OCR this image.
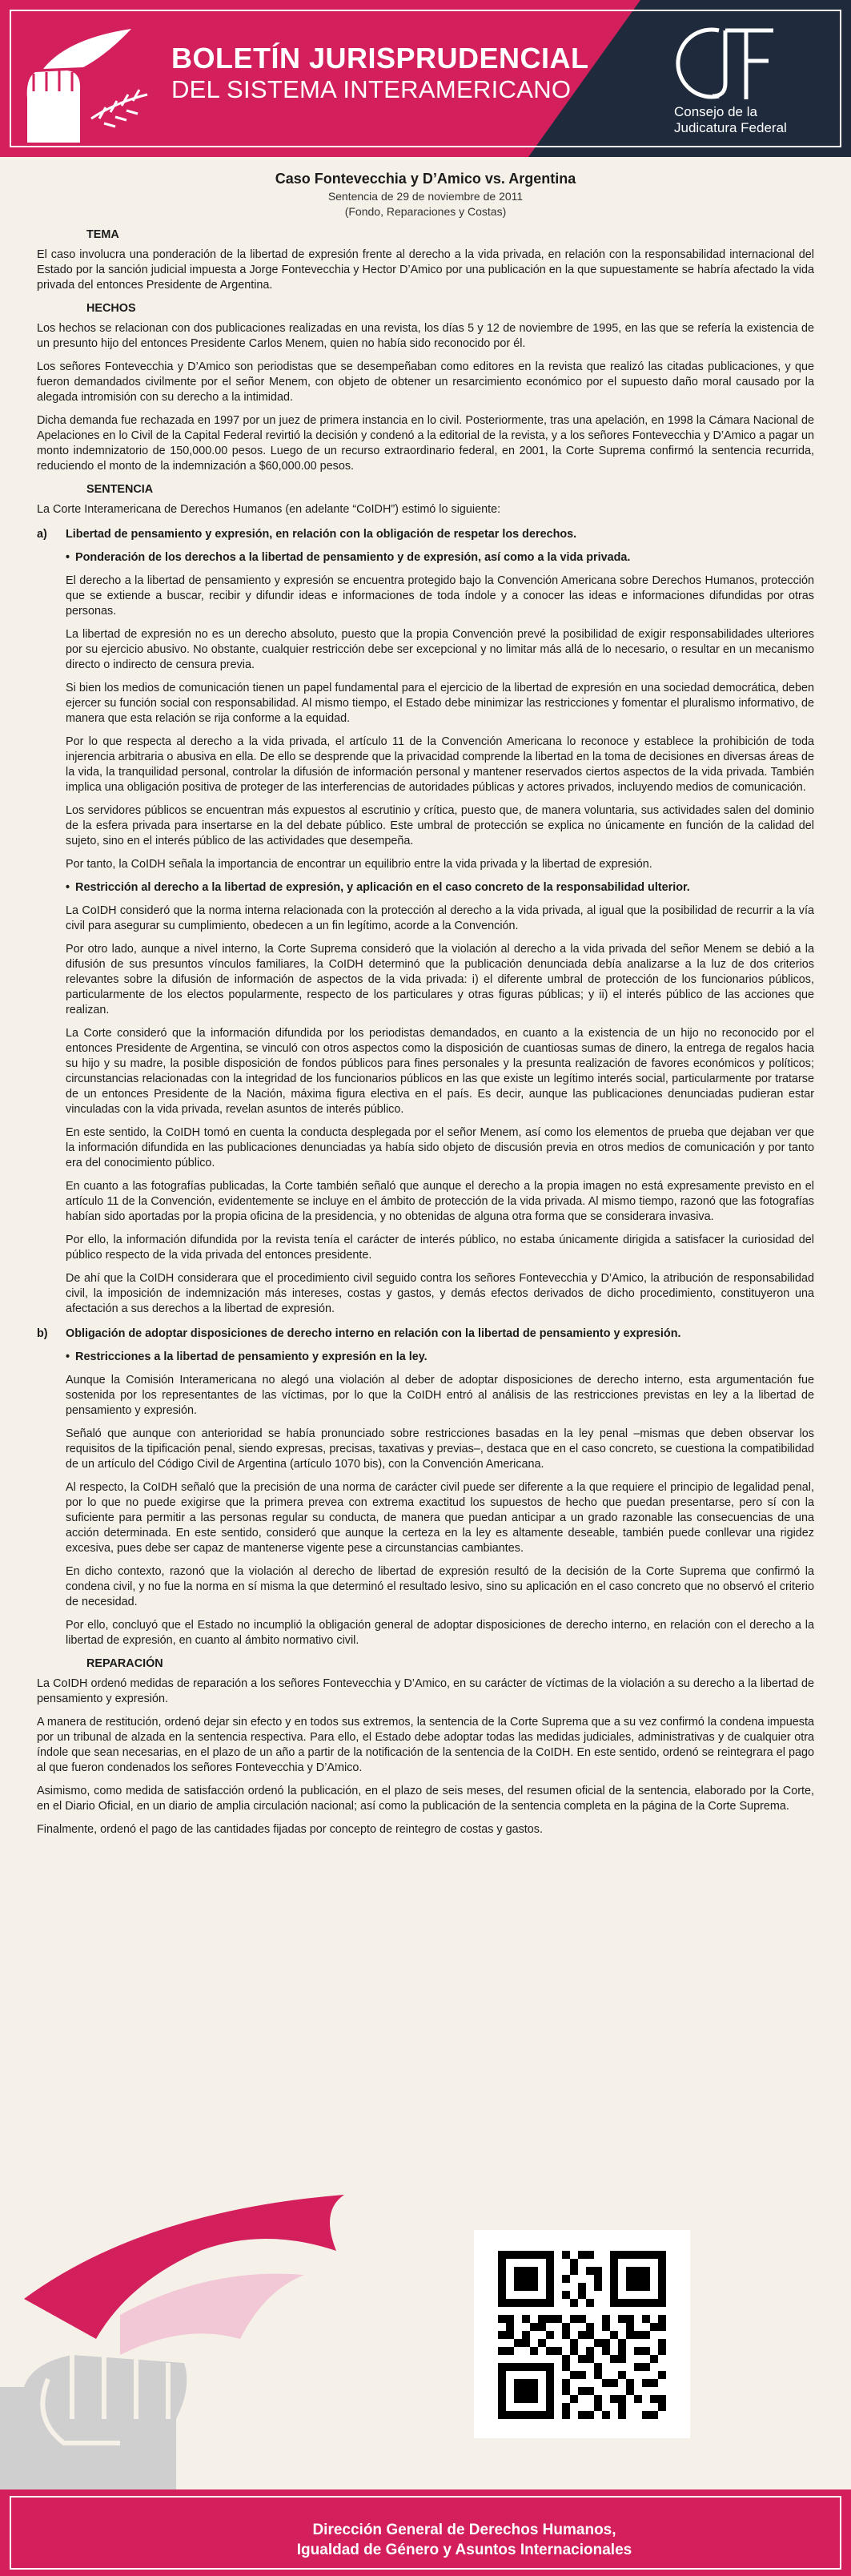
BOLETÍN JURISPRUDENCIAL
DEL SISTEMA INTERAMERICANO
Consejo de la
Judicatura Federal
Caso Fontevecchia y D’Amico vs. Argentina
Sentencia de 29 de noviembre de 2011
(Fondo, Reparaciones y Costas)
TEMA

El caso involucra una ponderación de la libertad de expresión frente al derecho a la vida privada, en relación con la responsabilidad internacional del Estado por la sanción judicial impuesta a Jorge Fontevecchia y Hector D’Amico por una publicación en la que supuestamente se habría afectado la vida privada del entonces Presidente de Argentina.

HECHOS

Los hechos se relacionan con dos publicaciones realizadas en una revista, los días 5 y 12 de noviembre de 1995, en las que se refería la existencia de un presunto hijo del entonces Presidente Carlos Menem, quien no había sido reconocido por él.

Los señores Fontevecchia y D’Amico son periodistas que se desempeñaban como editores en la revista que realizó las citadas publicaciones, y que fueron demandados civilmente por el señor Menem, con objeto de obtener un resarcimiento económico por el supuesto daño moral causado por la alegada intromisión con su derecho a la intimidad.

Dicha demanda fue rechazada en 1997 por un juez de primera instancia en lo civil. Posteriormente, tras una apelación, en 1998 la Cámara Nacional de Apelaciones en lo Civil de la Capital Federal revirtió la decisión y condenó a la editorial de la revista, y a los señores Fontevecchia y D’Amico a pagar un monto indemnizatorio de 150,000.00 pesos. Luego de un recurso extraordinario federal, en 2001, la Corte Suprema confirmó la sentencia recurrida, reduciendo el monto de la indemnización a $60,000.00 pesos.

SENTENCIA

La Corte Interamericana de Derechos Humanos (en adelante “CoIDH”) estimó lo siguiente:

a)	Libertad de pensamiento y expresión, en relación con la obligación de respetar los derechos.
• Ponderación de los derechos a la libertad de pensamiento y de expresión, así como a la vida privada.

El derecho a la libertad de pensamiento y expresión se encuentra protegido bajo la Convención Americana sobre Derechos Humanos, protección que se extiende a buscar, recibir y difundir ideas e informaciones de toda índole y a conocer las ideas e informaciones difundidas por otras personas.

La libertad de expresión no es un derecho absoluto, puesto que la propia Convención prevé la posibilidad de exigir responsabilidades ulteriores por su ejercicio abusivo. No obstante, cualquier restricción debe ser excepcional y no limitar más allá de lo necesario, o resultar en un mecanismo directo o indirecto de censura previa.

Si bien los medios de comunicación tienen un papel fundamental para el ejercicio de la libertad de expresión en una sociedad democrática, deben ejercer su función social con responsabilidad. Al mismo tiempo, el Estado debe minimizar las restricciones y fomentar el pluralismo informativo, de manera que esta relación se rija conforme a la equidad.

Por lo que respecta al derecho a la vida privada, el artículo 11 de la Convención Americana lo reconoce y establece la prohibición de toda injerencia arbitraria o abusiva en ella. De ello se desprende que la privacidad comprende la libertad en la toma de decisiones en diversas áreas de la vida, la tranquilidad personal, controlar la difusión de información personal y mantener reservados ciertos aspectos de la vida privada. También implica una obligación positiva de proteger de las interferencias de autoridades públicas y actores privados, incluyendo medios de comunicación.

Los servidores públicos se encuentran más expuestos al escrutinio y crítica, puesto que, de manera voluntaria, sus actividades salen del dominio de la esfera privada para insertarse en la del debate público. Este umbral de protección se explica no únicamente en función de la calidad del sujeto, sino en el interés público de las actividades que desempeña.

Por tanto, la CoIDH señala la importancia de encontrar un equilibrio entre la vida privada y la libertad de expresión.

• Restricción al derecho a la libertad de expresión, y aplicación en el caso concreto de la responsabilidad ulterior.

La CoIDH consideró que la norma interna relacionada con la protección al derecho a la vida privada, al igual que la posibilidad de recurrir a la vía civil para asegurar su cumplimiento, obedecen a un fin legítimo, acorde a la Convención.

Por otro lado, aunque a nivel interno, la Corte Suprema consideró que la violación al derecho a la vida privada del señor Menem se debió a la difusión de sus presuntos vínculos familiares, la CoIDH determinó que la publicación denunciada debía analizarse a la luz de dos criterios relevantes sobre la difusión de información de aspectos de la vida privada: i) el diferente umbral de protección de los funcionarios públicos, particularmente de los electos popularmente, respecto de los particulares y otras figuras públicas; y ii) el interés público de las acciones que realizan.

La Corte consideró que la información difundida por los periodistas demandados, en cuanto a la existencia de un hijo no reconocido por el entonces Presidente de Argentina, se vinculó con otros aspectos como la disposición de cuantiosas sumas de dinero, la entrega de regalos hacia su hijo y su madre, la posible disposición de fondos públicos para fines personales y la presunta realización de favores económicos y políticos; circunstancias relacionadas con la integridad de los funcionarios públicos en las que existe un legítimo interés social, particularmente por tratarse de un entonces Presidente de la Nación, máxima figura electiva en el país. Es decir, aunque las publicaciones denunciadas pudieran estar vinculadas con la vida privada, revelan asuntos de interés público.

En este sentido, la CoIDH tomó en cuenta la conducta desplegada por el señor Menem, así como los elementos de prueba que dejaban ver que la información difundida en las publicaciones denunciadas ya había sido objeto de discusión previa en otros medios de comunicación y por tanto era del conocimiento público.

En cuanto a las fotografías publicadas, la Corte también señaló que aunque el derecho a la propia imagen no está expresamente previsto en el artículo 11 de la Convención, evidentemente se incluye en el ámbito de protección de la vida privada. Al mismo tiempo, razonó que las fotografías habían sido aportadas por la propia oficina de la presidencia, y no obtenidas de alguna otra forma que se considerara invasiva.

Por ello, la información difundida por la revista tenía el carácter de interés público, no estaba únicamente dirigida a satisfacer la curiosidad del público respecto de la vida privada del entonces presidente.

De ahí que la CoIDH considerara que el procedimiento civil seguido contra los señores Fontevecchia y D’Amico, la atribución de responsabilidad civil, la imposición de indemnización más intereses, costas y gastos, y demás efectos derivados de dicho procedimiento, constituyeron una afectación a sus derechos a la libertad de expresión.

b)	Obligación de adoptar disposiciones de derecho interno en relación con la libertad de pensamiento y expresión.
• Restricciones a la libertad de pensamiento y expresión en la ley.

Aunque la Comisión Interamericana no alegó una violación al deber de adoptar disposiciones de derecho interno, esta argumentación fue sostenida por los representantes de las víctimas, por lo que la CoIDH entró al análisis de las restricciones previstas en ley a la libertad de pensamiento y expresión.

Señaló que aunque con anterioridad se había pronunciado sobre restricciones basadas en la ley penal –mismas que deben observar los requisitos de la tipificación penal, siendo expresas, precisas, taxativas y previas–, destaca que en el caso concreto, se cuestiona la compatibilidad de un artículo del Código Civil de Argentina (artículo 1070 bis), con la Convención Americana.

Al respecto, la CoIDH señaló que la precisión de una norma de carácter civil puede ser diferente a la que requiere el principio de legalidad penal, por lo que no puede exigirse que la primera prevea con extrema exactitud los supuestos de hecho que puedan presentarse, pero sí con la suficiente para permitir a las personas regular su conducta, de manera que puedan anticipar a un grado razonable las consecuencias de una acción determinada. En este sentido, consideró que aunque la certeza en la ley es altamente deseable, también puede conllevar una rigidez excesiva, pues debe ser capaz de mantenerse vigente pese a circunstancias cambiantes.

En dicho contexto, razonó que la violación al derecho de libertad de expresión resultó de la decisión de la Corte Suprema que confirmó la condena civil, y no fue la norma en sí misma la que determinó el resultado lesivo, sino su aplicación en el caso concreto que no observó el criterio de necesidad.

Por ello, concluyó que el Estado no incumplió la obligación general de adoptar disposiciones de derecho interno, en relación con el derecho a la libertad de expresión, en cuanto al ámbito normativo civil.

REPARACIÓN

La CoIDH ordenó medidas de reparación a los señores Fontevecchia y D’Amico, en su carácter de víctimas de la violación a su derecho a la libertad de pensamiento y expresión.

A manera de restitución, ordenó dejar sin efecto y en todos sus extremos, la sentencia de la Corte Suprema que a su vez confirmó la condena impuesta por un tribunal de alzada en la sentencia respectiva. Para ello, el Estado debe adoptar todas las medidas judiciales, administrativas y de cualquier otra índole que sean necesarias, en el plazo de un año a partir de la notificación de la sentencia de la CoIDH. En este sentido, ordenó se reintegrara el pago al que fueron condenados los señores Fontevecchia y D’Amico.

Asimismo, como medida de satisfacción ordenó la publicación, en el plazo de seis meses, del resumen oficial de la sentencia, elaborado por la Corte, en el Diario Oficial, en un diario de amplia circulación nacional; así como la publicación de la sentencia completa en la página de la Corte Suprema.

Finalmente, ordenó el pago de las cantidades fijadas por concepto de reintegro de costas y gastos.

Dirección General de Derechos Humanos,
Igualdad de Género y Asuntos Internacionales
